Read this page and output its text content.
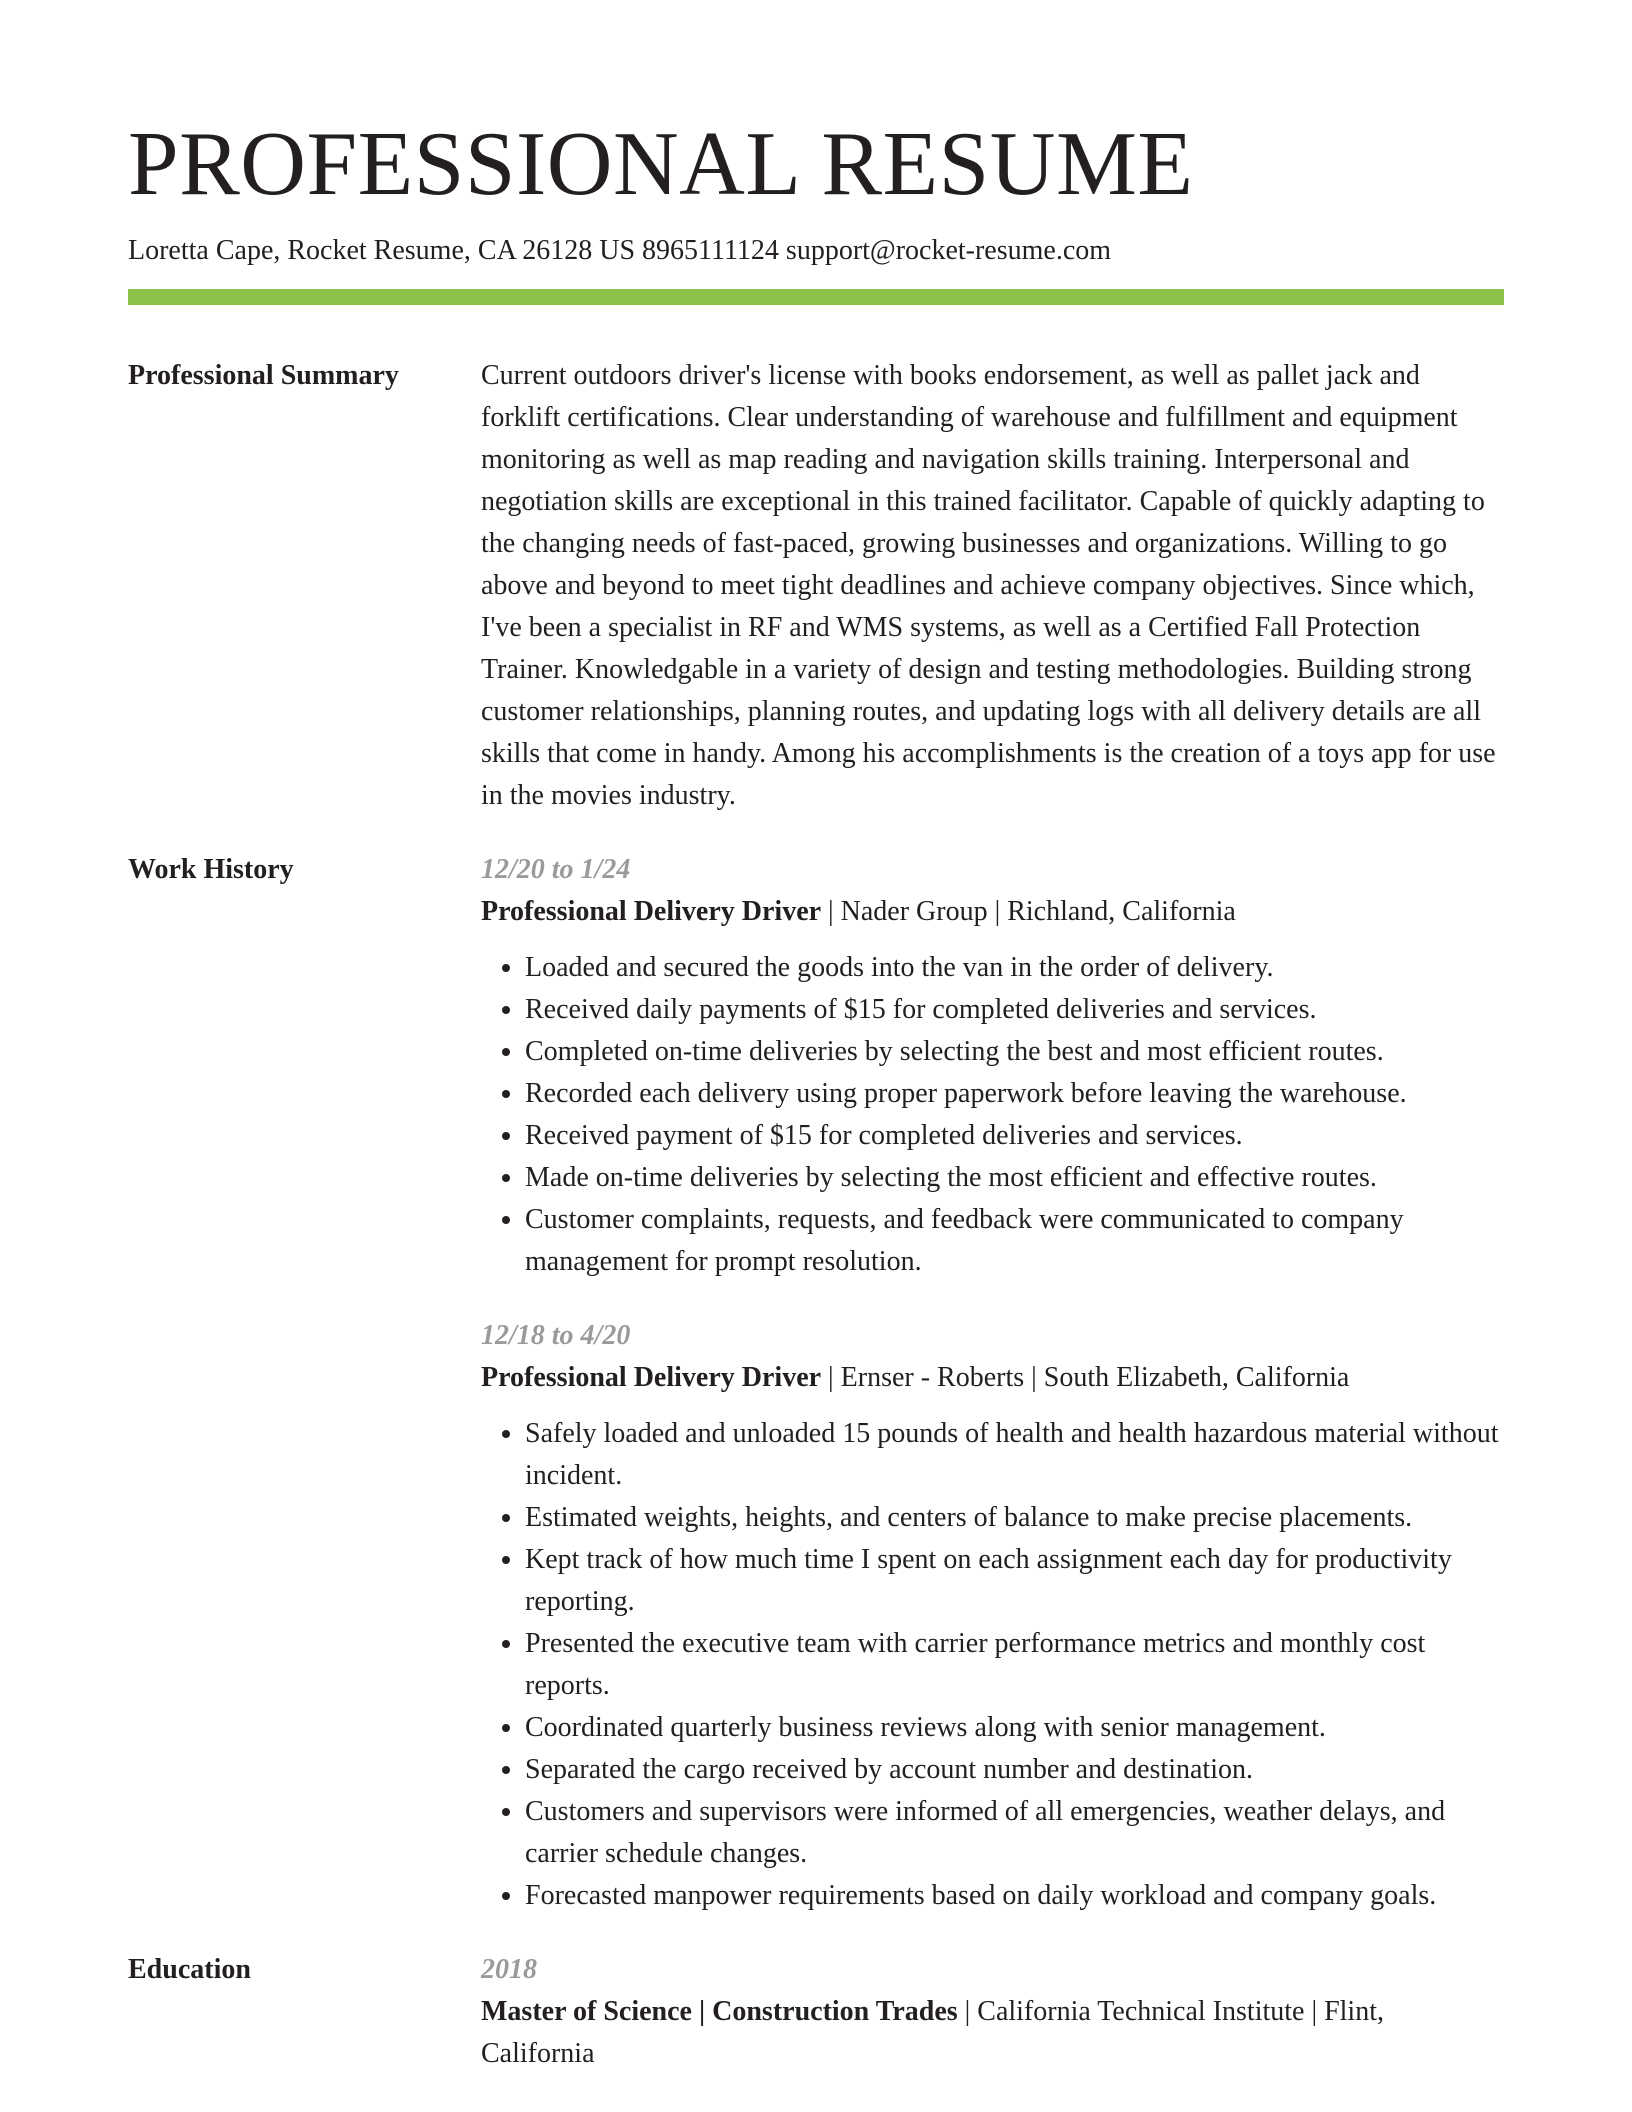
PROFESSIONAL RESUME
Loretta Cape, Rocket Resume, CA 26128 US 8965111124 support@rocket-resume.com
Professional Summary	Current outdoors driver's license with books endorsement, as well as pallet jack and forklift certifications. Clear understanding of warehouse and fulfillment and equipment monitoring as well as map reading and navigation skills training. Interpersonal and negotiation skills are exceptional in this trained facilitator. Capable of quickly adapting to the changing needs of fast-paced, growing businesses and organizations. Willing to go above and beyond to meet tight deadlines and achieve company objectives. Since which, I've been a specialist in RF and WMS systems, as well as a Certified Fall Protection Trainer. Knowledgable in a variety of design and testing methodologies. Building strong customer relationships, planning routes, and updating logs with all delivery details are all skills that come in handy. Among his accomplishments is the creation of a toys app for use in the movies industry.
Work History	12/20 to 1/24
Professional Delivery Driver | Nader Group | Richland, California
• Loaded and secured the goods into the van in the order of delivery.
• Received daily payments of $15 for completed deliveries and services.
• Completed on-time deliveries by selecting the best and most efficient routes.
• Recorded each delivery using proper paperwork before leaving the warehouse.
• Received payment of $15 for completed deliveries and services.
• Made on-time deliveries by selecting the most efficient and effective routes.
• Customer complaints, requests, and feedback were communicated to company management for prompt resolution.
12/18 to 4/20
Professional Delivery Driver | Ernser - Roberts | South Elizabeth, California
• Safely loaded and unloaded 15 pounds of health and health hazardous material without incident.
• Estimated weights, heights, and centers of balance to make precise placements.
• Kept track of how much time I spent on each assignment each day for productivity reporting.
• Presented the executive team with carrier performance metrics and monthly cost reports.
• Coordinated quarterly business reviews along with senior management.
• Separated the cargo received by account number and destination.
• Customers and supervisors were informed of all emergencies, weather delays, and carrier schedule changes.
• Forecasted manpower requirements based on daily workload and company goals.
Education	2018
Master of Science | Construction Trades | California Technical Institute | Flint, California
